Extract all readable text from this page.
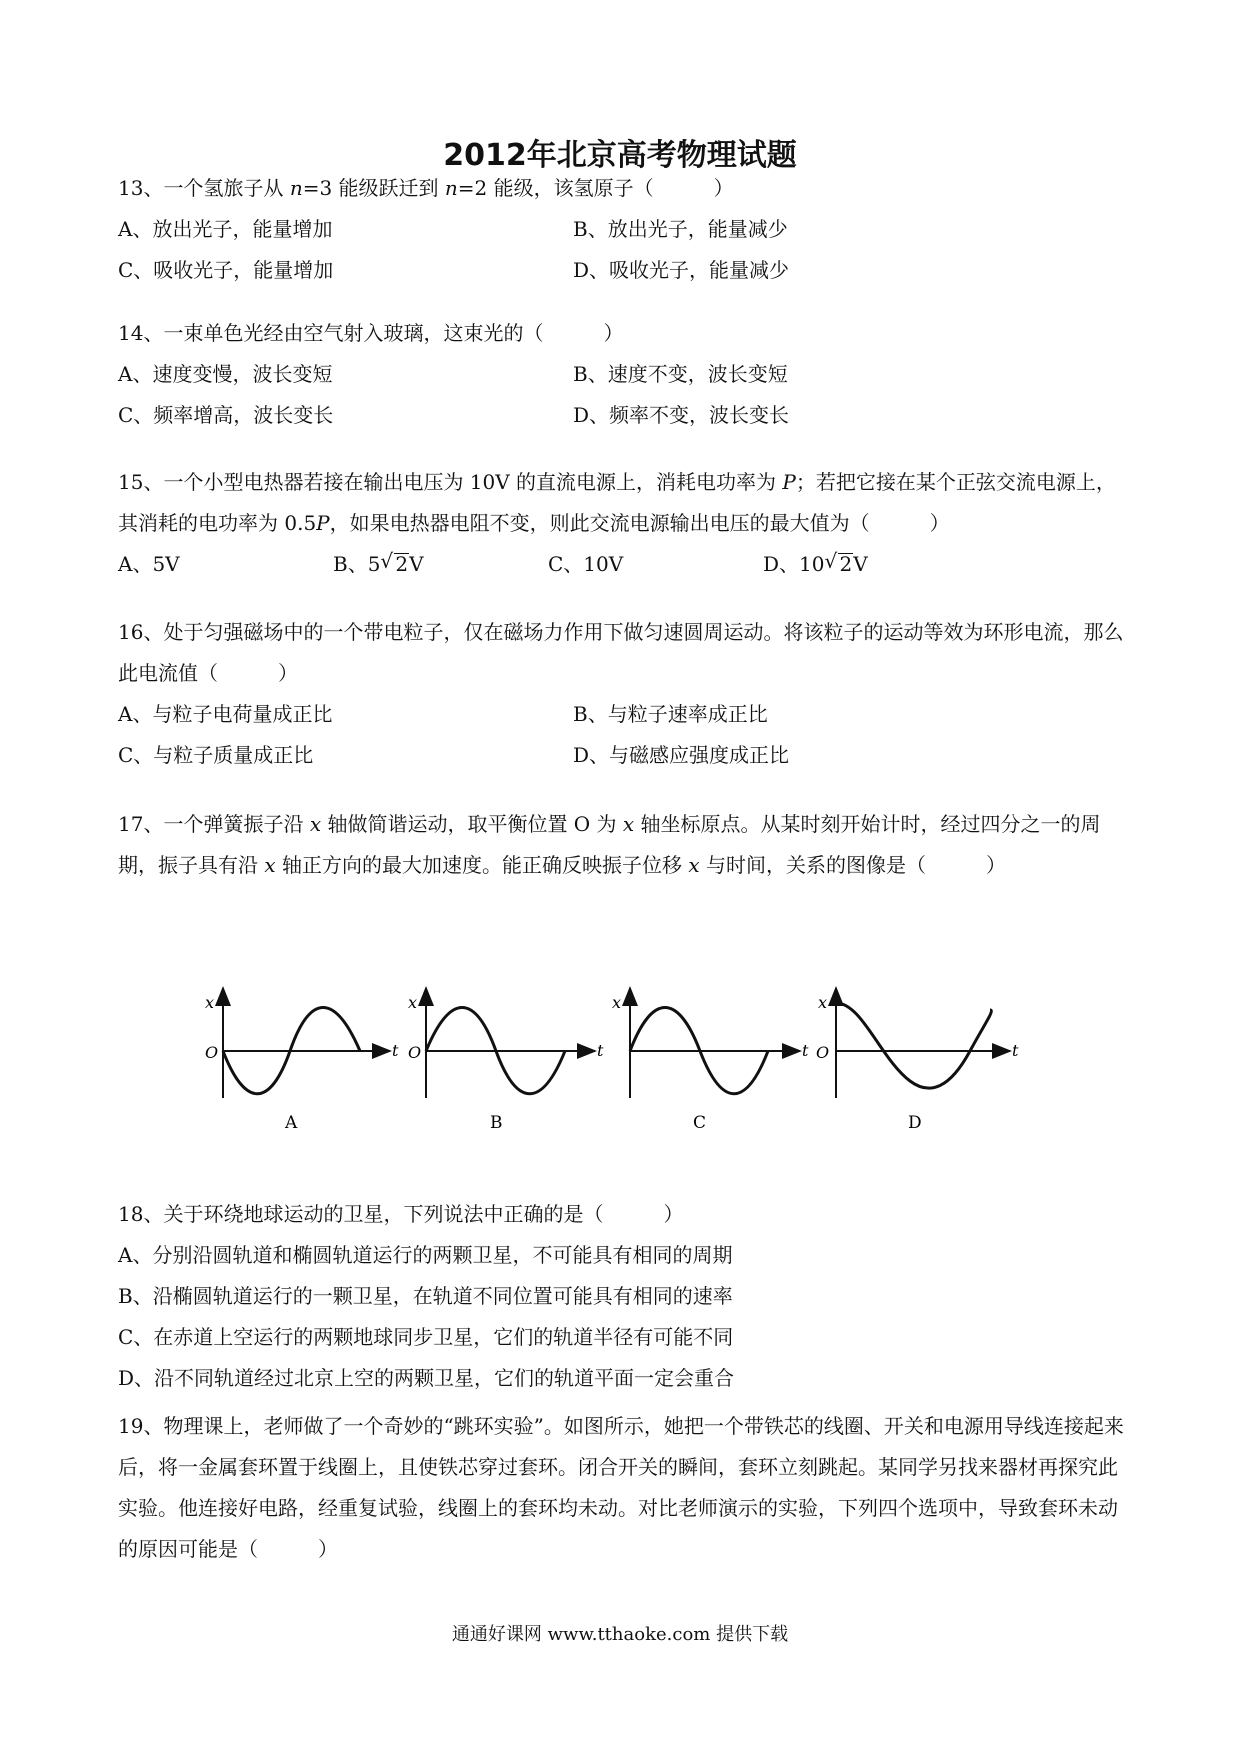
2012年北京高考物理试题
13、一个氢旅子从 n=3 能级跃迁到 n=2 能级，该氢原子（　　　）
A、放出光子，能量增加	B、放出光子，能量减少
C、吸收光子，能量增加	D、吸收光子，能量减少
14、一束单色光经由空气射入玻璃，这束光的（　　　）
A、速度变慢，波长变短	B、速度不变，波长变短
C、频率增高，波长变长	D、频率不变，波长变长
15、一个小型电热器若接在输出电压为 10V 的直流电源上，消耗电功率为 P；若把它接在某个正弦交流电源上，其消耗的电功率为 0.5P，如果电热器电阻不变，则此交流电源输出电压的最大值为（　　　）
A、5V	B、5 √ 2V	C、10V	D、10 √ 2V
16、处于匀强磁场中的一个带电粒子，仅在磁场力作用下做匀速圆周运动。将该粒子的运动等效为环形电流，那么此电流值（　　　）
A、与粒子电荷量成正比	B、与粒子速率成正比
C、与粒子质量成正比	D、与磁感应强度成正比
17、一个弹簧振子沿 x 轴做简谐运动，取平衡位置 O 为 x 轴坐标原点。从某时刻开始计时，经过四分之一的周期，振子具有沿 x 轴正方向的最大加速度。能正确反映振子位移 x 与时间，关系的图像是（　　　）
x
O	t
A
x
O	t
B
x
t
C
x
O	t
D
18、关于环绕地球运动的卫星，下列说法中正确的是（　　　）
A、分别沿圆轨道和椭圆轨道运行的两颗卫星，不可能具有相同的周期
B、沿椭圆轨道运行的一颗卫星，在轨道不同位置可能具有相同的速率
C、在赤道上空运行的两颗地球同步卫星，它们的轨道半径有可能不同
D、沿不同轨道经过北京上空的两颗卫星，它们的轨道平面一定会重合
19、物理课上，老师做了一个奇妙的“跳环实验”。如图所示，她把一个带铁芯的线圈、开关和电源用导线连接起来后，将一金属套环置于线圈上，且使铁芯穿过套环。闭合开关的瞬间，套环立刻跳起。某同学另找来器材再探究此实验。他连接好电路，经重复试验，线圈上的套环均未动。对比老师演示的实验，下列四个选项中，导致套环未动的原因可能是（　　　）
通通好课网 www.tthaoke.com 提供下载
